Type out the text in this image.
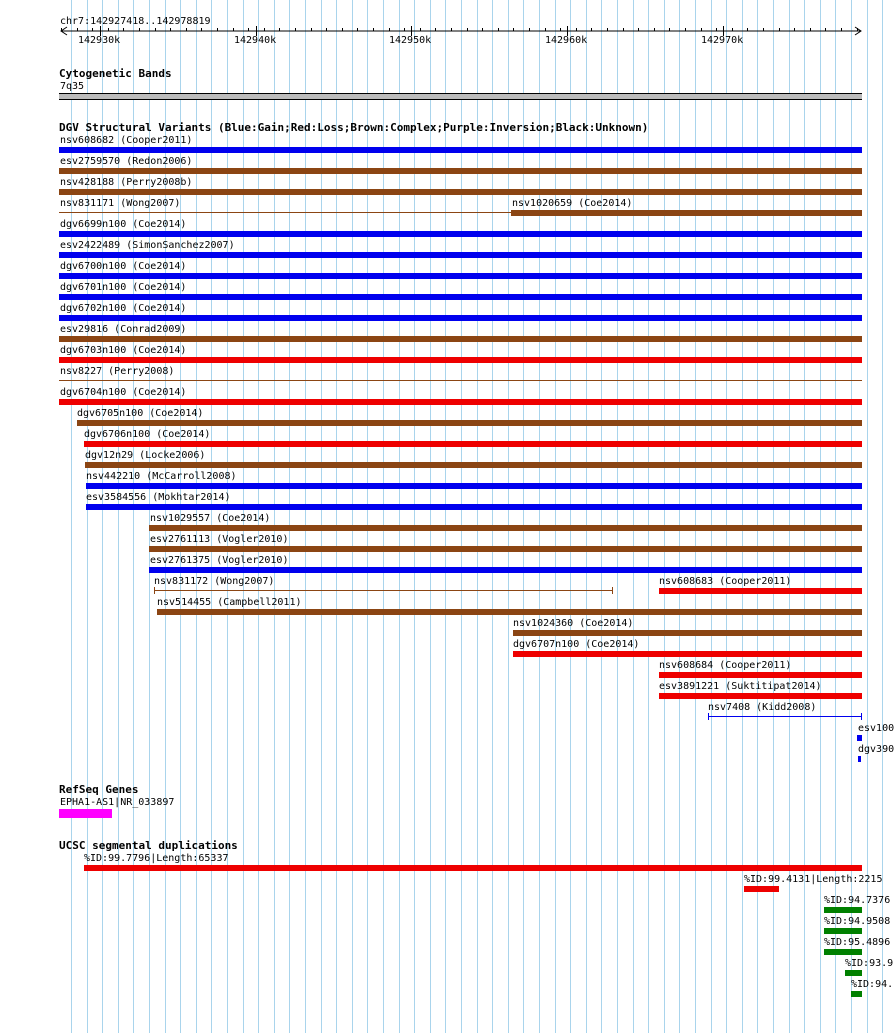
chr7:142927418..142978819
Cytogenetic Bands
7q35
DGV Structural Variants (Blue:Gain;Red:Loss;Brown:Complex;Purple:Inversion;Black:Unknown)
nsv608682 (Cooper2011)
esv2759570 (Redon2006)
nsv428188 (Perry2008b)
nsv831171 (Wong2007)	nsv1020659 (Coe2014)
dgv6699n100 (Coe2014)
esv2422489 (SimonSanchez2007)
dgv6700n100 (Coe2014)
dgv6701n100 (Coe2014)
dgv6702n100 (Coe2014)
esv29816 (Conrad2009)
dgv6703n100 (Coe2014)
nsv8227 (Perry2008)
dgv6704n100 (Coe2014)
dgv6705n100 (Coe2014)
dgv6706n100 (Coe2014)
dgv12n29 (Locke2006)
nsv442210 (McCarroll2008)
esv3584556 (Mokhtar2014)
nsv1029557 (Coe2014)
esv2761113 (Vogler2010)
esv2761375 (Vogler2010)
nsv831172 (Wong2007)	nsv608683 (Cooper2011)
nsv514455 (Campbell2011)
nsv1024360 (Coe2014)
dgv6707n100 (Coe2014)
nsv608684 (Cooper2011)
esv3891221 (Suktitipat2014)
nsv7408 (Kidd2008)
esv100
dgv390
RefSeq Genes
EPHA1-AS1|NR_033897
UCSC segmental duplications
%ID:99.7796|Length:65337
%ID:99.4131|Length:2215
%ID:94.7376
%ID:94.9508
%ID:95.4896
%ID:93.9
%ID:94.
142930k	142940k	142950k	142960k	142970k
